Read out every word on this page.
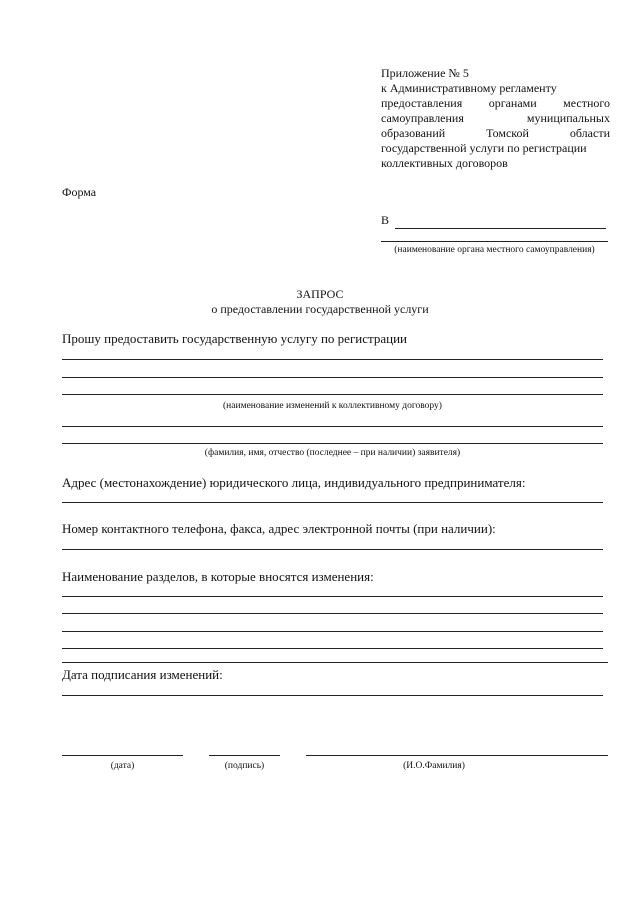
Приложение № 5
к Административному регламенту
предоставления органами местного
самоуправления	муниципальных
образований	Томской	области
государственной услуги по регистрации
коллективных договоров
Форма
В
(наименование органа местного самоуправления)
ЗАПРОС
о предоставлении государственной услуги
Прошу предоставить государственную услугу по регистрации
(наименование изменений к коллективному договору)
(фамилия, имя, отчество (последнее – при наличии) заявителя)
Адрес (местонахождение) юридического лица, индивидуального предпринимателя:
Номер контактного телефона, факса, адрес электронной почты (при наличии):
Наименование разделов, в которые вносятся изменения:
Дата подписания изменений:
(дата)	(подпись)	(И.О.Фамилия)
